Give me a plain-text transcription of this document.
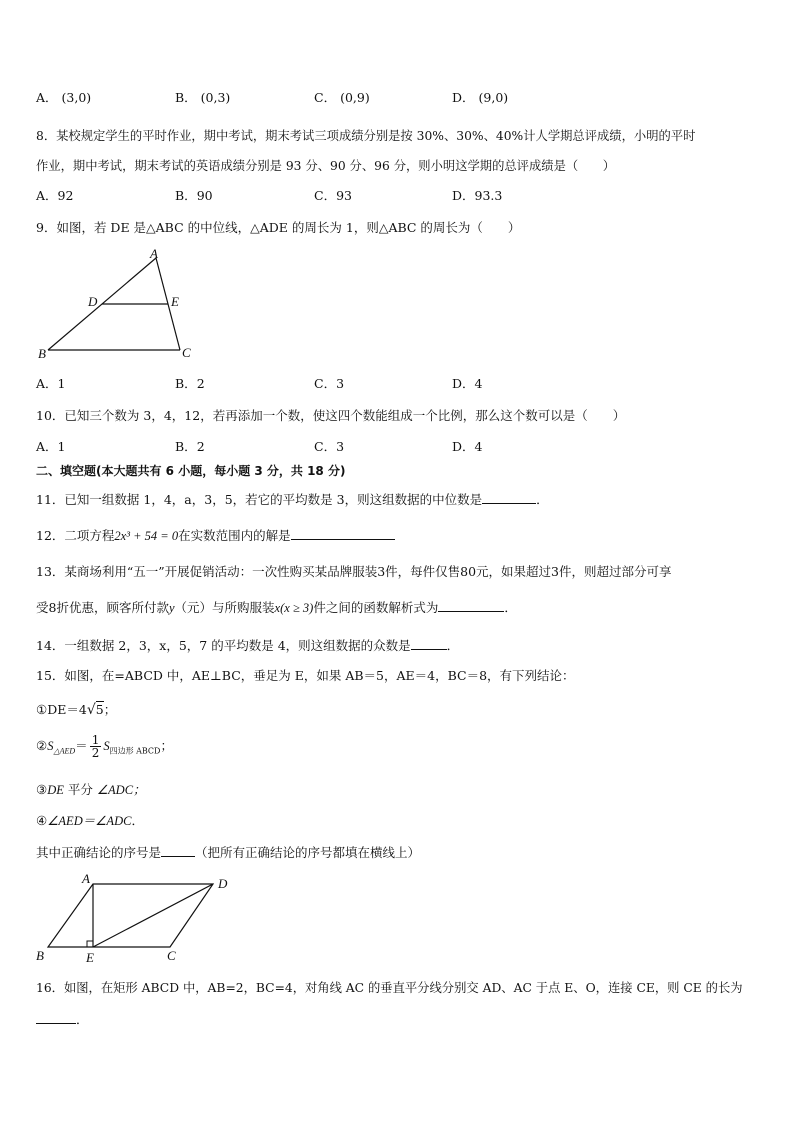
A． (3,0)	B． (0,3)	C． (0,9)	D． (9,0)
8．某校规定学生的平时作业，期中考试，期末考试三项成绩分别是按 30%、30%、40%计人学期总评成绩，小明的平时
作业，期中考试，期末考试的英语成绩分别是 93 分、90 分、96 分，则小明这学期的总评成绩是（　　）
A．92	B．90	C．93	D．93.3
9．如图，若 DE 是△ABC 的中位线，△ADE 的周长为 1，则△ABC 的周长为（　　）
A
D	E
B	C
A．1	B．2	C．3	D．4
10．已知三个数为 3，4，12，若再添加一个数，使这四个数能组成一个比例，那么这个数可以是（　　）
A．1	B．2	C．3	D．4
二、填空题(本大题共有 6 小题，每小题 3 分，共 18 分)
11．已知一组数据 1，4，a，3，5，若它的平均数是 3，则这组数据的中位数是	．
12．二项方程2x³ + 54 = 0在实数范围内的解是
13．某商场利用“五一”开展促销活动：一次性购买某品牌服装3件，每件仅售80元，如果超过3件，则超过部分可享
受8折优惠，顾客所付款y（元）与所购服装x(x ≥ 3)件之间的函数解析式为	．
14．一组数据 2，3，x，5，7 的平均数是 4，则这组数据的众数是	．
15．如图，在=ABCD 中，AE⊥BC，垂足为 E，如果 AB＝5，AE＝4，BC＝8，有下列结论：
①DE＝4√5；
$②S_{\triangle AED}= \frac{1}{2} S_{四边形 ABCD}$；
③DE 平分 ∠ADC；
④∠AED＝∠ADC．
其中正确结论的序号是	（把所有正确结论的序号都填在横线上）
A	D
B	E	C
16．如图，在矩形 ABCD 中，AB=2，BC=4，对角线 AC 的垂直平分线分别交 AD、AC 于点 E、O，连接 CE，则 CE 的长为
．
